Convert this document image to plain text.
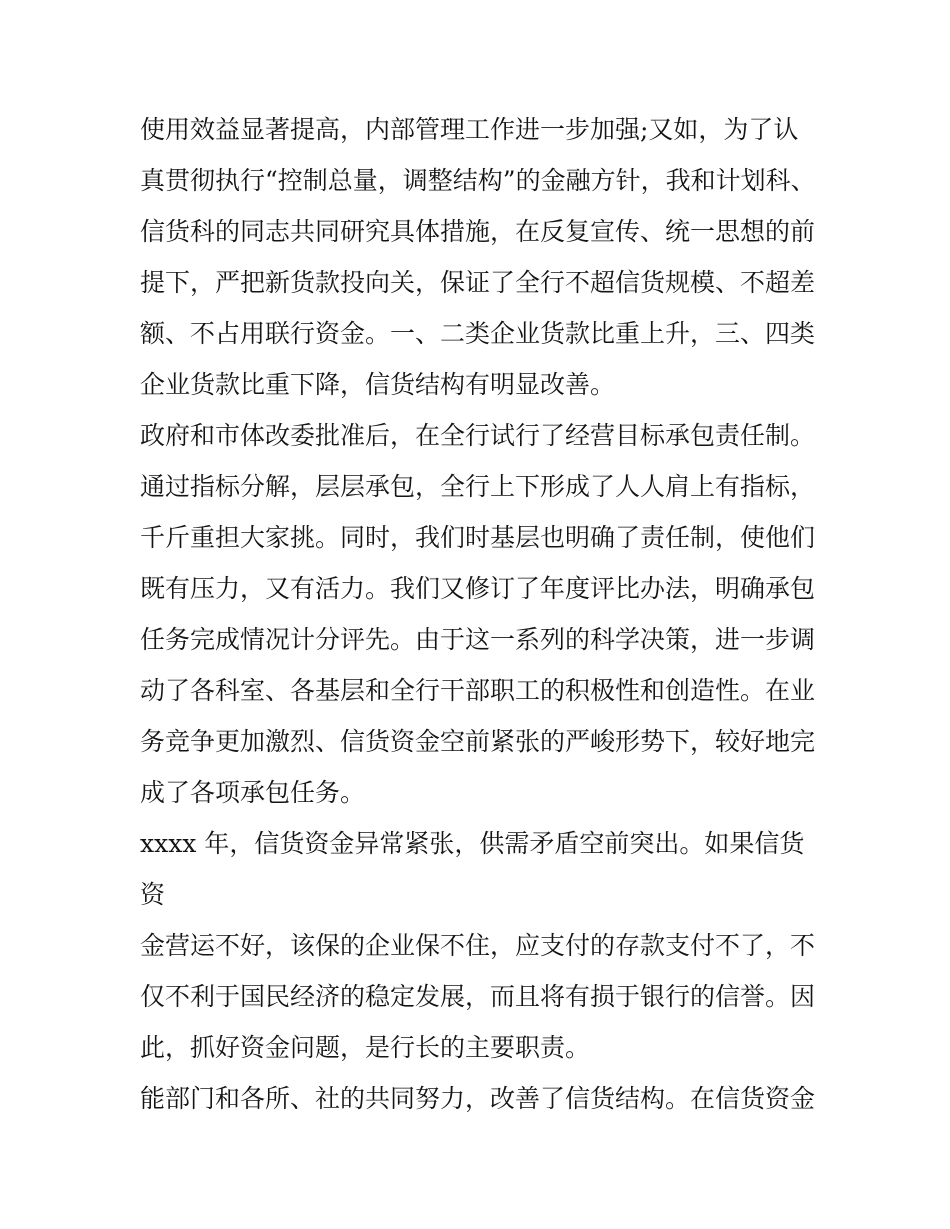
使用效益显著提高，内部管理工作进一步加强;又如，为了认
真贯彻执行“控制总量，调整结构”的金融方针，我和计划科、
信货科的同志共同研究具体措施，在反复宣传、统一思想的前
提下，严把新货款投向关，保证了全行不超信货规模、不超差
额、不占用联行资金。一、二类企业货款比重上升，三、四类
企业货款比重下降，信货结构有明显改善。
政府和市体改委批准后，在全行试行了经营目标承包责任制。
通过指标分解，层层承包，全行上下形成了人人肩上有指标，
千斤重担大家挑。同时，我们时基层也明确了责任制，使他们
既有压力，又有活力。我们又修订了年度评比办法，明确承包
任务完成情况计分评先。由于这一系列的科学决策，进一步调
动了各科室、各基层和全行干部职工的积极性和创造性。在业
务竞争更加激烈、信货资金空前紧张的严峻形势下，较好地完
成了各项承包任务。
xxxx 年，信货资金异常紧张，供需矛盾空前突出。如果信货
资
金营运不好，该保的企业保不住，应支付的存款支付不了，不
仅不利于国民经济的稳定发展，而且将有损于银行的信誉。因
此，抓好资金问题，是行长的主要职责。
能部门和各所、社的共同努力，改善了信货结构。在信货资金
